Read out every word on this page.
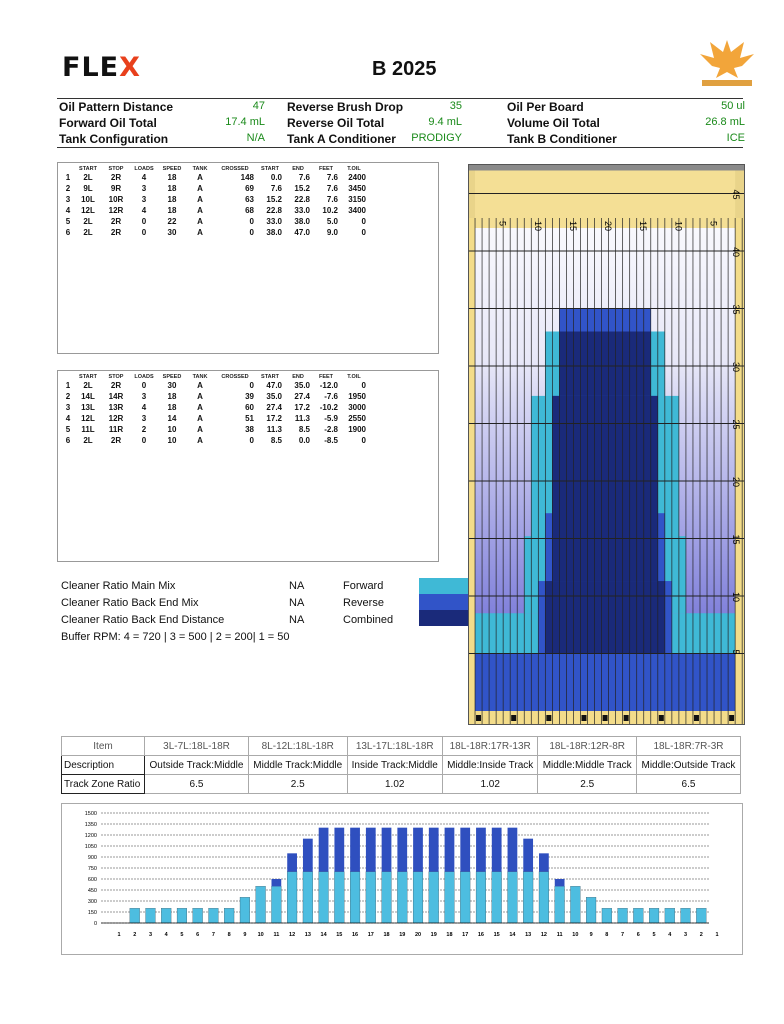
FLEX	B 2025
Oil Pattern Distance	47
Forward Oil Total	17.4 mL
Tank Configuration	N/A
Reverse Brush Drop	35
Reverse Oil Total	9.4 mL
Tank A Conditioner	PRODIGY
Oil Per Board	50 ul
Volume Oil Total	26.8 mL
Tank B Conditioner	ICE
	START	STOP	LOADS	SPEED	TANK	CROSSED	START	END	FEET	T.OIL
1	2L	2R	4	18	A	148	0.0	7.6	7.6	2400
2	9L	9R	3	18	A	69	7.6	15.2	7.6	3450
3	10L	10R	3	18	A	63	15.2	22.8	7.6	3150
4	12L	12R	4	18	A	68	22.8	33.0	10.2	3400
5	2L	2R	0	22	A	0	33.0	38.0	5.0	0
6	2L	2R	0	30	A	0	38.0	47.0	9.0	0
	START	STOP	LOADS	SPEED	TANK	CROSSED	START	END	FEET	T.OIL
1	2L	2R	0	30	A	0	47.0	35.0	-12.0	0
2	14L	14R	3	18	A	39	35.0	27.4	-7.6	1950
3	13L	13R	4	18	A	60	27.4	17.2	-10.2	3000
4	12L	12R	3	14	A	51	17.2	11.3	-5.9	2550
5	11L	11R	2	10	A	38	11.3	8.5	-2.8	1900
6	2L	2R	0	10	A	0	8.5	0.0	-8.5	0
Cleaner Ratio Main Mix	NA
Cleaner Ratio Back End Mix	NA
Cleaner Ratio Back End Distance	NA
Buffer RPM: 4 = 720 | 3 = 500 | 2 = 200| 1 = 50
Forward
Reverse
Combined
5	10	15	20	15	10	5
45
40
35
30
25
20
15
10
5
Item	3L-7L:18L-18R	8L-12L:18L-18R	13L-17L:18L-18R	18L-18R:17R-13R	18L-18R:12R-8R	18L-18R:7R-3R
Description	Outside Track:Middle	Middle Track:Middle	Inside Track:Middle	Middle:Inside Track	Middle:Middle Track	Middle:Outside Track
Track Zone Ratio	6.5	2.5	1.02	1.02	2.5	6.5
0
150
300
450
600
750
900
1050
1200
1350
1500
1 2 3 4 5 6 7 8 9 10 11 12 13 14 15 16 17 18 19 20 19 18 17 16 15 14 13 12 11 10 9 8 7 6 5 4 3 2 1
